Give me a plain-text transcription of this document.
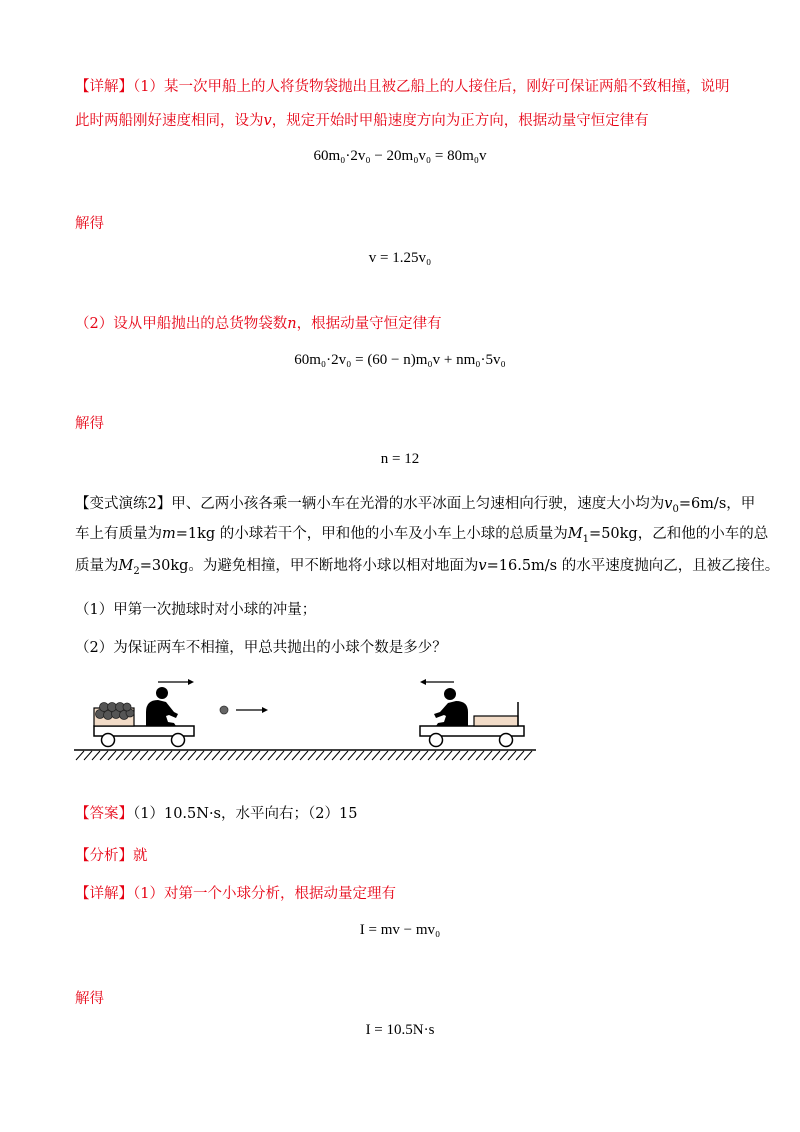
【详解】（1）某一次甲船上的人将货物袋抛出且被乙船上的人接住后，刚好可保证两船不致相撞，说明
此时两船刚好速度相同，设为v，规定开始时甲船速度方向为正方向，根据动量守恒定律有
60m₀·2v₀ − 20m₀v₀ = 80m₀v
解得
v = 1.25v₀
（2）设从甲船抛出的总货物袋数n，根据动量守恒定律有
60m₀·2v₀ = (60 − n)m₀v + nm₀·5v₀
解得
n = 12
【变式演练2】甲、乙两小孩各乘一辆小车在光滑的水平冰面上匀速相向行驶，速度大小均为$v_0=6m/s$，甲
车上有质量为m=1kg 的小球若干个，甲和他的小车及小车上小球的总质量为$M_1=50kg$，乙和他的小车的总
质量为$M_2=30kg$。为避免相撞，甲不断地将小球以相对地面为v=16.5m/s 的水平速度抛向乙，且被乙接住。
（1）甲第一次抛球时对小球的冲量；
（2）为保证两车不相撞，甲总共抛出的小球个数是多少？
【答案】（1）10.5N·s，水平向右；（2）15
【分析】就
【详解】（1）对第一个小球分析，根据动量定理有
I = mv − mv₀
解得
I = 10.5N·s
